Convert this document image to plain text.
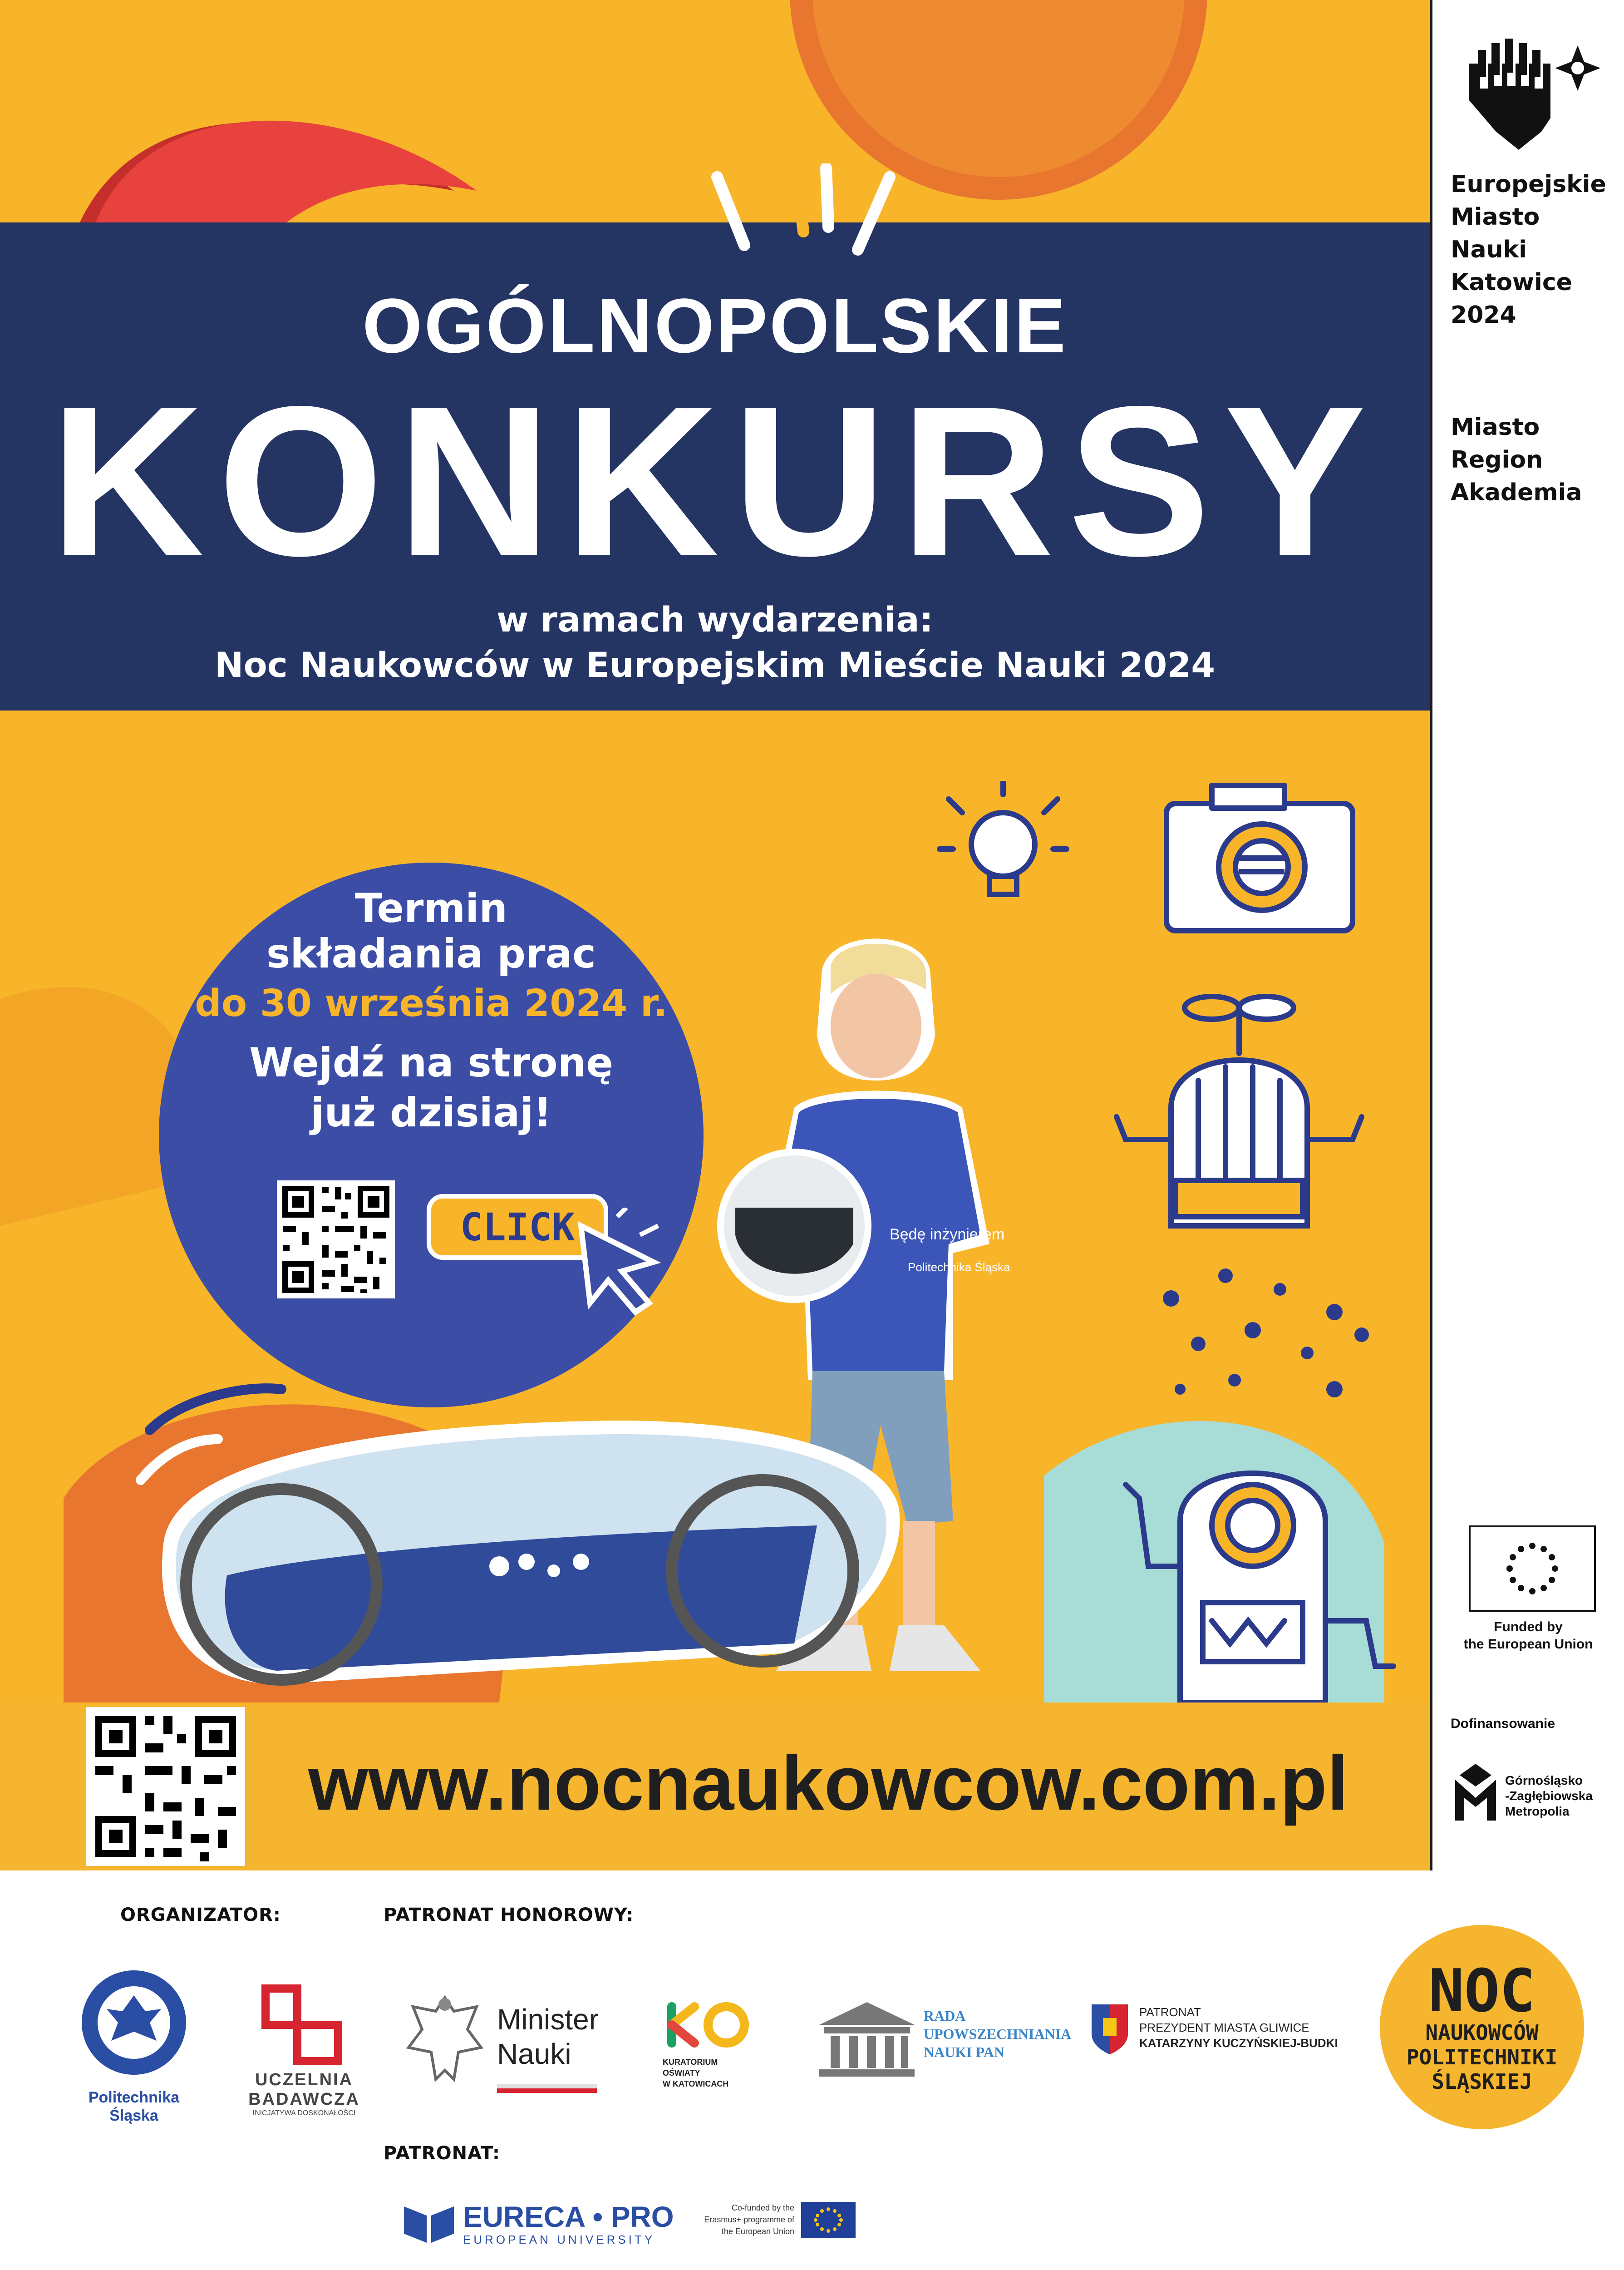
OGÓLNOPOLSKIE
KONKURSY
w ramach wydarzenia:
Noc Naukowców w Europejskim Mieście Nauki 2024
Termin
składania prac
do 30 września 2024 r.
Wejdź na stronę
już dzisiaj!
CLICK	Będę inżynierem
Politechnika Śląska
www.nocnaukowcow.com.pl
Europejskie
Miasto
Nauki
Katowice
2024
Miasto
Region
Akademia
Funded by
the European Union
Dofinansowanie
Górnośląsko
-Zagłębiowska
Metropolia
ORGANIZATOR:	PATRONAT HONOROWY:
PATRONAT:
Politechnika
Śląska
UCZELNIA
BADAWCZA
INICJATYWA DOSKONAŁOŚCI
Minister
Nauki	KURATORIUM
OŚWIATY
W KATOWICACH
RADA
UPOWSZECHNIANIA
NAUKI PAN
PATRONAT
PREZYDENT MIASTA GLIWICE
KATARZYNY KUCZYŃSKIEJ-BUDKI
NOC
NAUKOWCÓW
POLITECHNIKI
ŚLĄSKIEJ
EURECA • PRO
EUROPEAN UNIVERSITY
Co-funded by the
Erasmus+ programme of
the European Union
